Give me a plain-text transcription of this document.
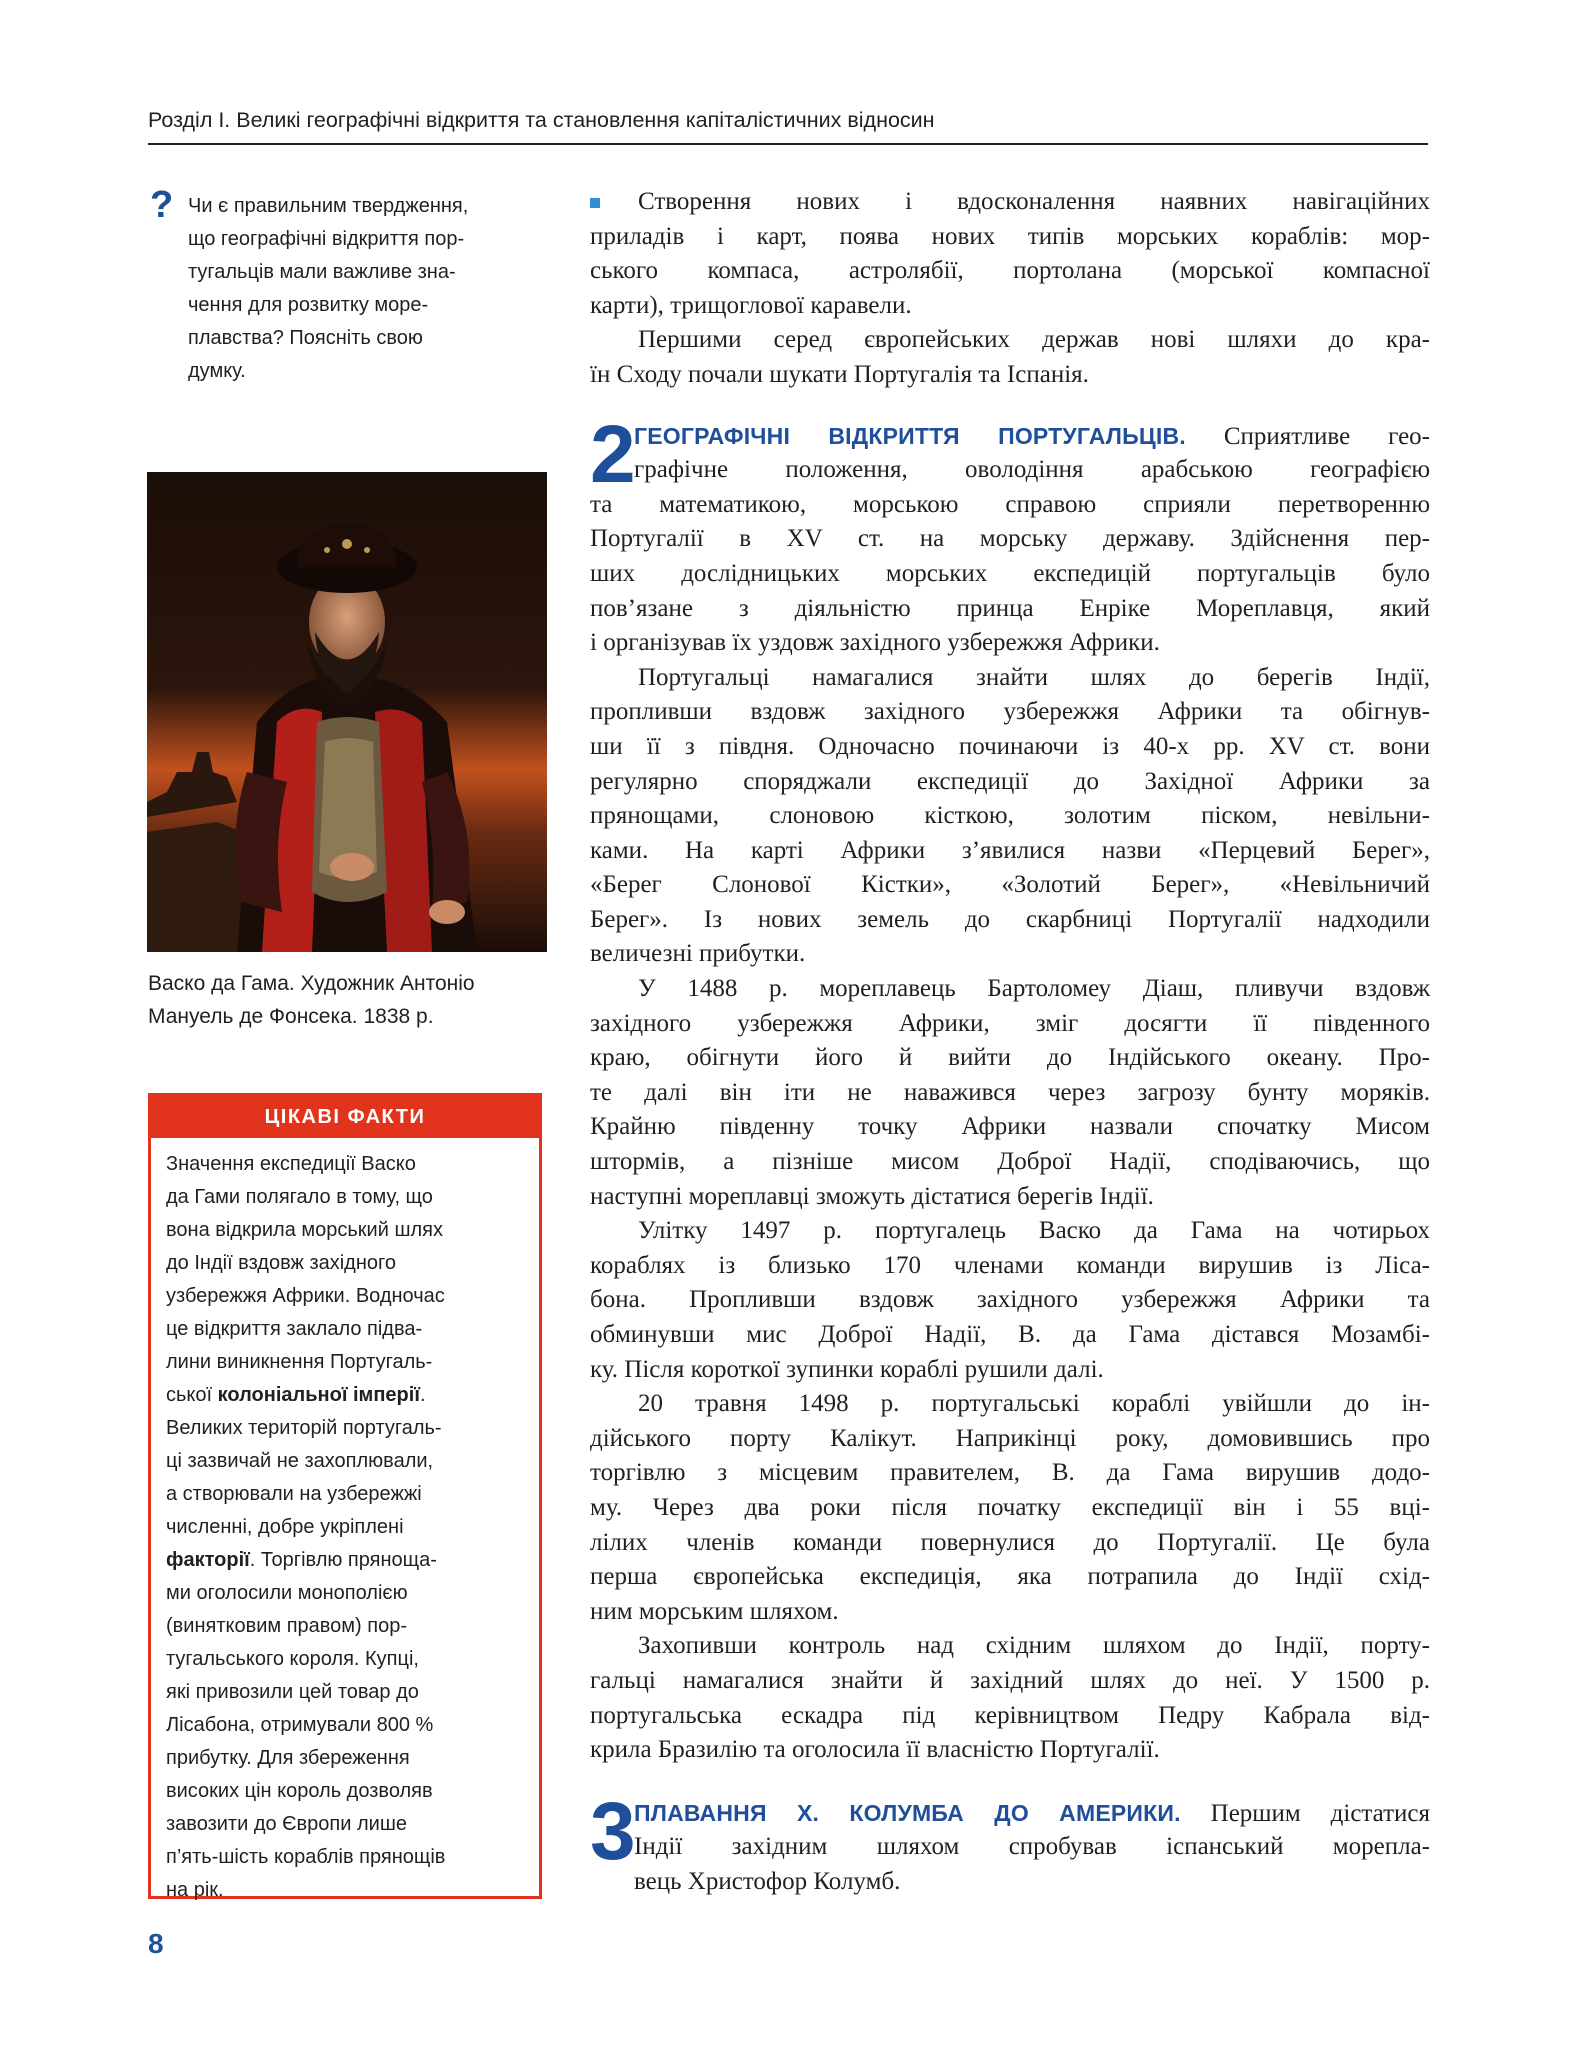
Розділ І. Великі географічні відкриття та становлення капіталістичних відносин
? Чи є правильним твердження,
що географічні відкриття пор-
тугальців мали важливе зна-
чення для розвитку море-
плавства? Поясніть свою
думку.
Васко да Гама. Художник Антоніо
Мануель де Фонсека. 1838 р.
ЦІКАВІ ФАКТИ
Значення експедиції Васко
да Гами полягало в тому, що
вона відкрила морський шлях
до Індії вздовж західного
узбережжя Африки. Водночас
це відкриття заклало підва-
лини виникнення Португаль-
ської колоніальної імперії.
Великих територій португаль-
ці зазвичай не захоплювали,
а створювали на узбережжі
численні, добре укріплені
факторії. Торгівлю пряноща-
ми оголосили монополією
(винятковим правом) пор-
тугальського короля. Купці,
які привозили цей товар до
Лісабона, отримували 800 %
прибутку. Для збереження
високих цін король дозволяв
завозити до Європи лише
п’ять-шість кораблів прянощів
на рік.
Створення нових і вдосконалення наявних навігаційних
приладів і карт, поява нових типів морських кораблів: мор-
ського компаса, астролябії, портолана (морської компасної
карти), трищоглової каравели.
Першими серед європейських держав нові шляхи до кра-
їн Сходу почали шукати Португалія та Іспанія.
2
ГЕОГРАФІЧНІ ВІДКРИТТЯ ПОРТУГАЛЬЦІВ. Сприятливе гео-
графічне положення, оволодіння арабською географією
та математикою, морською справою сприяли перетворенню
Португалії в XV ст. на морську державу. Здійснення пер-
ших дослідницьких морських експедицій португальців було
пов’язане з діяльністю принца Енріке Мореплавця, який
і організував їх уздовж західного узбережжя Африки.
Португальці намагалися знайти шлях до берегів Індії,
пропливши вздовж західного узбережжя Африки та обігнув-
ши її з півдня. Одночасно починаючи із 40-х рр. XV ст. вони
регулярно споряджали експедиції до Західної Африки за
прянощами, слоновою кісткою, золотим піском, невільни-
ками. На карті Африки з’явилися назви «Перцевий Берег»,
«Берег Слонової Кістки», «Золотий Берег», «Невільничий
Берег». Із нових земель до скарбниці Португалії надходили
величезні прибутки.
У 1488 р. мореплавець Бартоломеу Діаш, пливучи вздовж
західного узбережжя Африки, зміг досягти її південного
краю, обігнути його й вийти до Індійського океану. Про-
те далі він іти не наважився через загрозу бунту моряків.
Крайню південну точку Африки назвали спочатку Мисом
штормів, а пізніше мисом Доброї Надії, сподіваючись, що
наступні мореплавці зможуть дістатися берегів Індії.
Улітку 1497 р. португалець Васко да Гама на чотирьох
кораблях із близько 170 членами команди вирушив із Ліса-
бона. Пропливши вздовж західного узбережжя Африки та
обминувши мис Доброї Надії, В. да Гама дістався Мозамбі-
ку. Після короткої зупинки кораблі рушили далі.
20 травня 1498 р. португальські кораблі увійшли до ін-
дійського порту Калікут. Наприкінці року, домовившись про
торгівлю з місцевим правителем, В. да Гама вирушив додо-
му. Через два роки після початку експедиції він і 55 вці-
лілих членів команди повернулися до Португалії. Це була
перша європейська експедиція, яка потрапила до Індії схід-
ним морським шляхом.
Захопивши контроль над східним шляхом до Індії, порту-
гальці намагалися знайти й західний шлях до неї. У 1500 р.
португальська ескадра під керівництвом Педру Кабрала від-
крила Бразилію та оголосила її власністю Португалії.
3
ПЛАВАННЯ Х. КОЛУМБА ДО АМЕРИКИ. Першим дістатися
Індії західним шляхом спробував іспанський мореплa-
вець Христофор Колумб.
8
